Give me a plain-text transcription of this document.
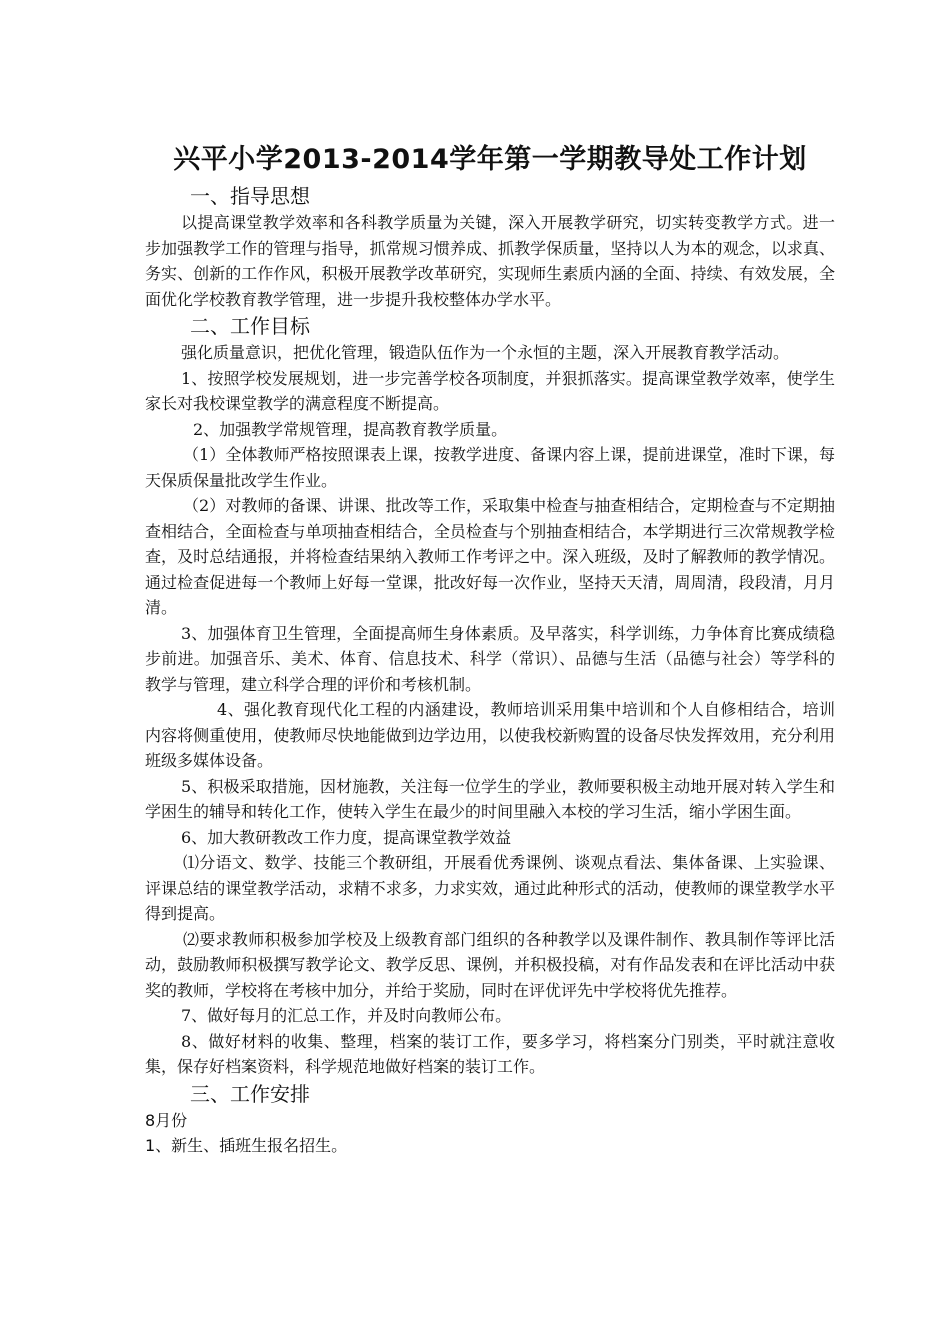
兴平小学2013-2014学年第一学期教导处工作计划

一、指导思想

以提高课堂教学效率和各科教学质量为关键，深入开展教学研究，切实转变教学方式。进一步加强教学工作的管理与指导，抓常规习惯养成、抓教学保质量，坚持以人为本的观念，以求真、务实、创新的工作作风，积极开展教学改革研究，实现师生素质内涵的全面、持续、有效发展，全面优化学校教育教学管理，进一步提升我校整体办学水平。

二、工作目标

强化质量意识，把优化管理，锻造队伍作为一个永恒的主题，深入开展教育教学活动。

1、按照学校发展规划，进一步完善学校各项制度，并狠抓落实。提高课堂教学效率，使学生家长对我校课堂教学的满意程度不断提高。

2、加强教学常规管理，提高教育教学质量。

（1）全体教师严格按照课表上课，按教学进度、备课内容上课，提前进课堂，准时下课，每天保质保量批改学生作业。

（2）对教师的备课、讲课、批改等工作，采取集中检查与抽查相结合，定期检查与不定期抽查相结合，全面检查与单项抽查相结合，全员检查与个别抽查相结合，本学期进行三次常规教学检查，及时总结通报，并将检查结果纳入教师工作考评之中。深入班级，及时了解教师的教学情况。通过检查促进每一个教师上好每一堂课，批改好每一次作业，坚持天天清，周周清，段段清，月月清。

3、加强体育卫生管理，全面提高师生身体素质。及早落实，科学训练，力争体育比赛成绩稳步前进。加强音乐、美术、体育、信息技术、科学（常识）、品德与生活（品德与社会）等学科的教学与管理，建立科学合理的评价和考核机制。

4、强化教育现代化工程的内涵建设，教师培训采用集中培训和个人自修相结合，培训内容将侧重使用，使教师尽快地能做到边学边用，以使我校新购置的设备尽快发挥效用，充分利用班级多媒体设备。

5、积极采取措施，因材施教，关注每一位学生的学业，教师要积极主动地开展对转入学生和学困生的辅导和转化工作，使转入学生在最少的时间里融入本校的学习生活，缩小学困生面。

6、加大教研教改工作力度，提高课堂教学效益

⑴分语文、数学、技能三个教研组，开展看优秀课例、谈观点看法、集体备课、上实验课、评课总结的课堂教学活动，求精不求多，力求实效，通过此种形式的活动，使教师的课堂教学水平得到提高。

⑵要求教师积极参加学校及上级教育部门组织的各种教学以及课件制作、教具制作等评比活动，鼓励教师积极撰写教学论文、教学反思、课例，并积极投稿，对有作品发表和在评比活动中获奖的教师，学校将在考核中加分，并给于奖励，同时在评优评先中学校将优先推荐。

7、做好每月的汇总工作，并及时向教师公布。

8、做好材料的收集、整理，档案的装订工作，要多学习，将档案分门别类，平时就注意收集，保存好档案资料，科学规范地做好档案的装订工作。

三、工作安排

8月份

1、新生、插班生报名招生。
